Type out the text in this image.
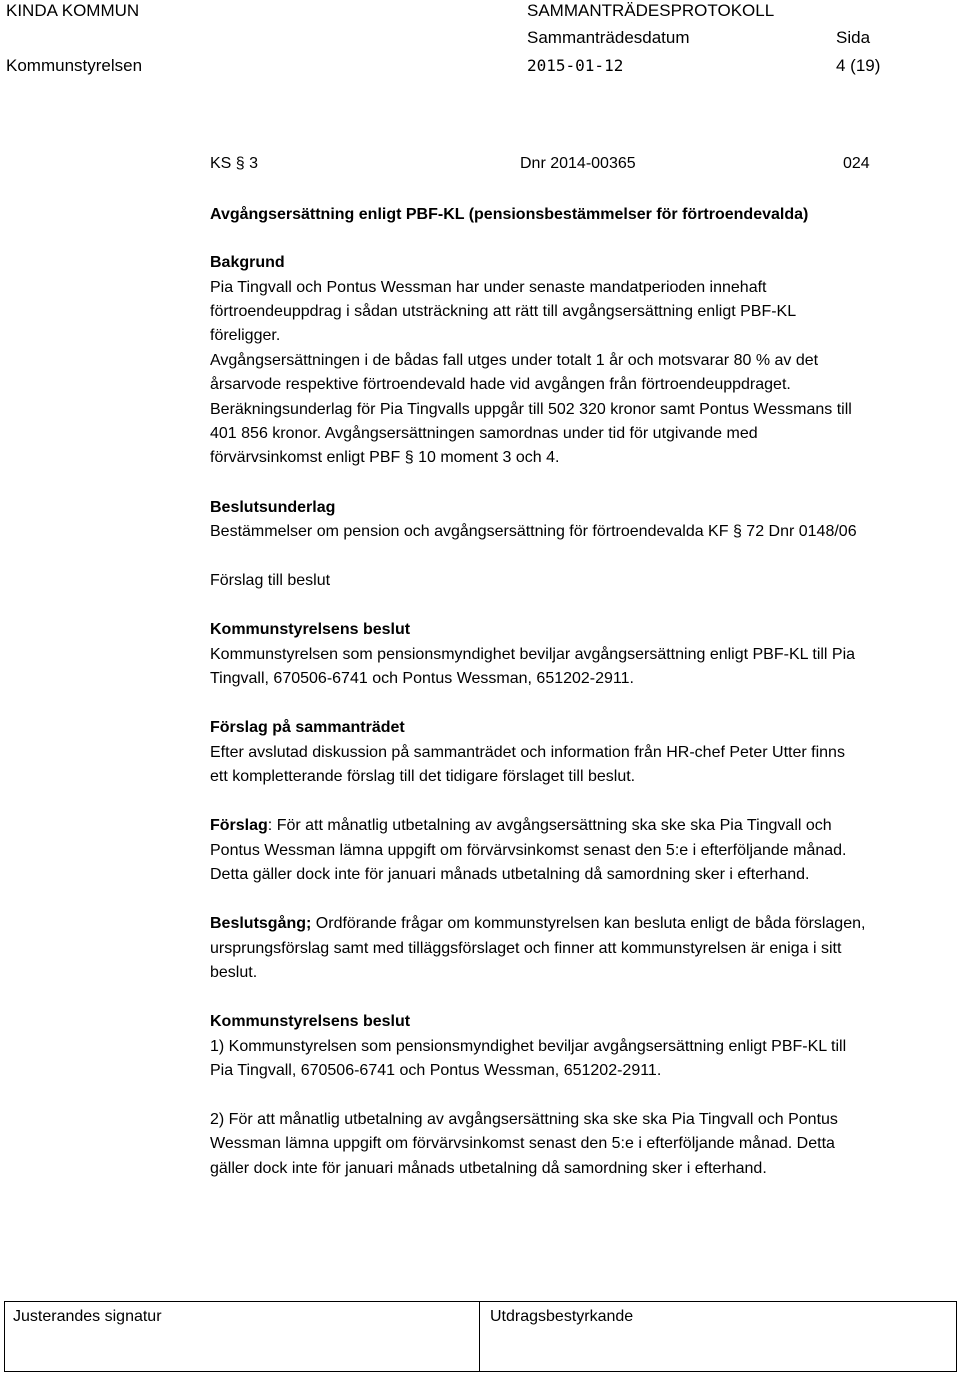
KINDA KOMMUN	SAMMANTRÄDESPROTOKOLL
Sammanträdesdatum	Sida
Kommunstyrelsen	2015-01-12	4 (19)
KS § 3	Dnr 2014-00365	024
Avgångsersättning enligt PBF-KL (pensionsbestämmelser för förtroendevalda)
Bakgrund
Pia Tingvall och Pontus Wessman har under senaste mandatperioden innehaft
förtroendeuppdrag i sådan utsträckning att rätt till avgångsersättning enligt PBF-KL
föreligger.
Avgångsersättningen i de bådas fall utges under totalt 1 år och motsvarar 80 % av det
årsarvode respektive förtroendevald hade vid avgången från förtroendeuppdraget.
Beräkningsunderlag för Pia Tingvalls uppgår till 502 320 kronor samt Pontus Wessmans till
401 856 kronor. Avgångsersättningen samordnas under tid för utgivande med
förvärvsinkomst enligt PBF § 10 moment 3 och 4.
Beslutsunderlag
Bestämmelser om pension och avgångsersättning för förtroendevalda KF § 72 Dnr 0148/06
Förslag till beslut
Kommunstyrelsens beslut
Kommunstyrelsen som pensionsmyndighet beviljar avgångsersättning enligt PBF-KL till Pia
Tingvall, 670506-6741 och Pontus Wessman, 651202-2911.
Förslag på sammanträdet
Efter avslutad diskussion på sammanträdet och information från HR-chef Peter Utter finns
ett kompletterande förslag till det tidigare förslaget till beslut.
Förslag: För att månatlig utbetalning av avgångsersättning ska ske ska Pia Tingvall och
Pontus Wessman lämna uppgift om förvärvsinkomst senast den 5:e i efterföljande månad.
Detta gäller dock inte för januari månads utbetalning då samordning sker i efterhand.
Beslutsgång; Ordförande frågar om kommunstyrelsen kan besluta enligt de båda förslagen,
ursprungsförslag samt med tilläggsförslaget och finner att kommunstyrelsen är eniga i sitt
beslut.
Kommunstyrelsens beslut
1) Kommunstyrelsen som pensionsmyndighet beviljar avgångsersättning enligt PBF-KL till
Pia Tingvall, 670506-6741 och Pontus Wessman, 651202-2911.
2) För att månatlig utbetalning av avgångsersättning ska ske ska Pia Tingvall och Pontus
Wessman lämna uppgift om förvärvsinkomst senast den 5:e i efterföljande månad. Detta
gäller dock inte för januari månads utbetalning då samordning sker i efterhand.
Justerandes signatur	Utdragsbestyrkande
